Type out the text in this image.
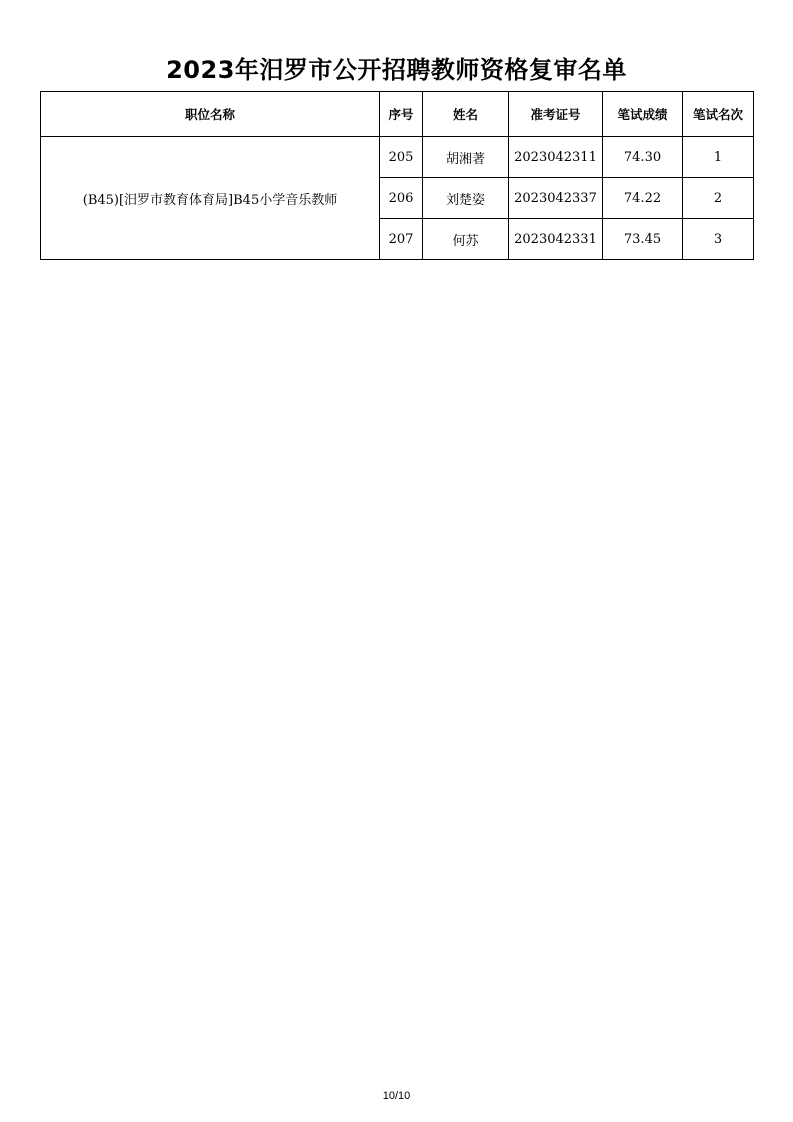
2023年汨罗市公开招聘教师资格复审名单
职位名称	序号	姓名	准考证号	笔试成绩	笔试名次
(B45)[汨罗市教育体育局]B45小学音乐教师	205	胡湘著	2023042311	74.30	1
	206	刘楚姿	2023042337	74.22	2
	207	何苏	2023042331	73.45	3
10/10
